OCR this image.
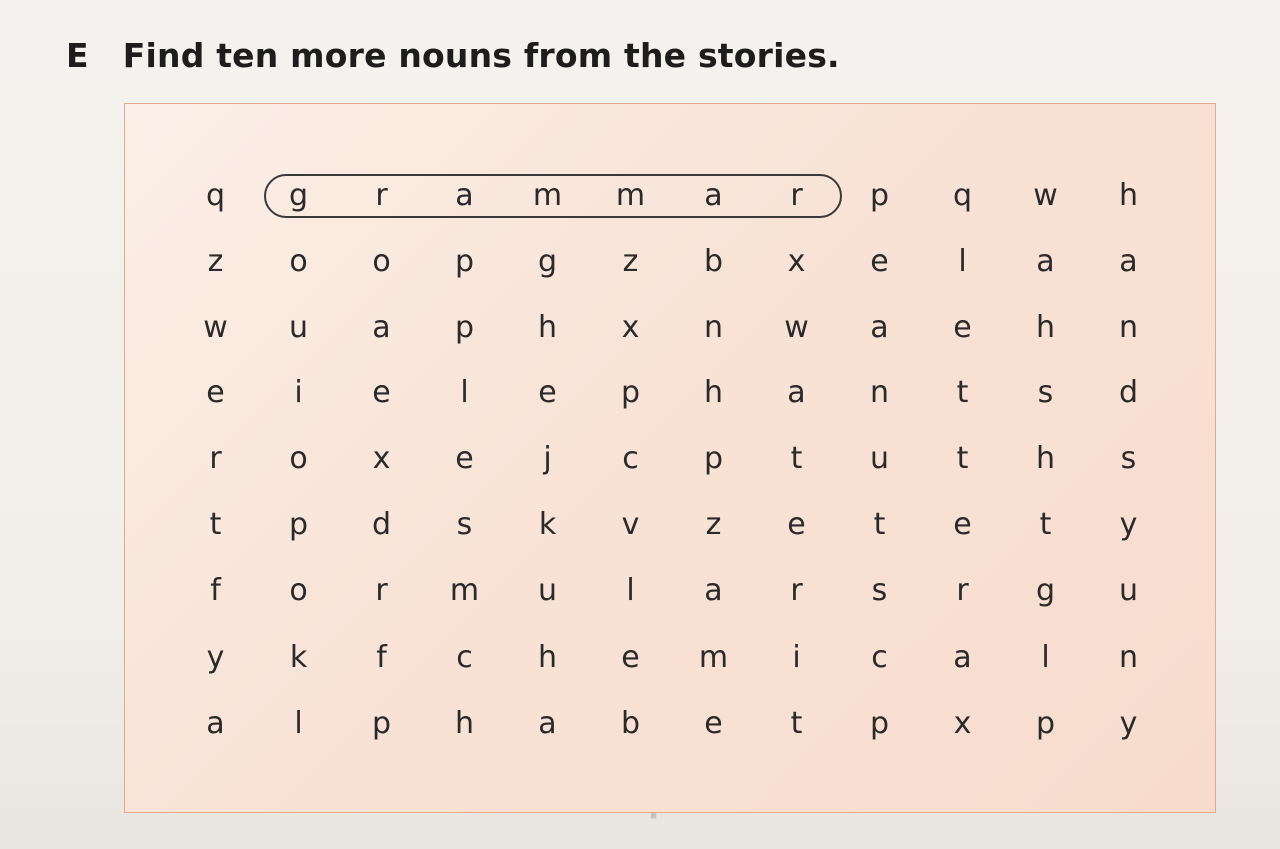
E Find ten more nouns from the stories.
q	g	r	a	m	m	a	r	p	q	w	h
z	o	o	p	g	z	b	x	e	l	a	a
w	u	a	p	h	x	n	w	a	e	h	n
e	i	e	l	e	p	h	a	n	t	s	d
r	o	x	e	j	c	p	t	u	t	h	s
t	p	d	s	k	v	z	e	t	e	t	y
f	o	r	m	u	l	a	r	s	r	g	u
y	k	f	c	h	e	m	i	c	a	l	n
a	l	p	h	a	b	e	t	p	x	p	y
